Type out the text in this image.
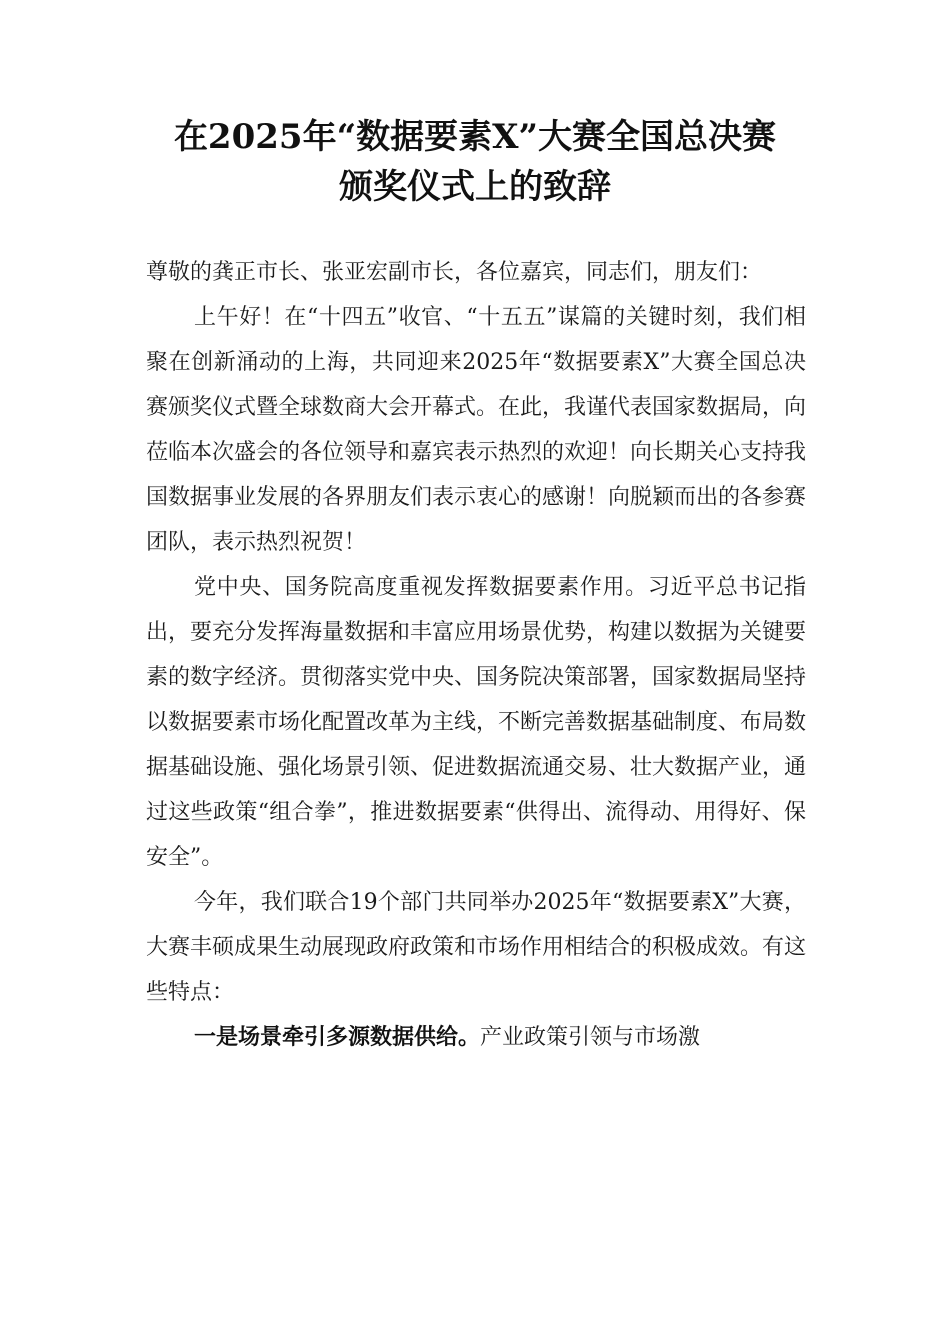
在2025年“数据要素X”大赛全国总决赛
颁奖仪式上的致辞

尊敬的龚正市长、张亚宏副市长，各位嘉宾，同志们，朋友们：

上午好！在“十四五”收官、“十五五”谋篇的关键时刻，我们相聚在创新涌动的上海，共同迎来2025年“数据要素X”大赛全国总决赛颁奖仪式暨全球数商大会开幕式。在此，我谨代表国家数据局，向莅临本次盛会的各位领导和嘉宾表示热烈的欢迎！向长期关心支持我国数据事业发展的各界朋友们表示衷心的感谢！向脱颖而出的各参赛团队，表示热烈祝贺！

党中央、国务院高度重视发挥数据要素作用。习近平总书记指出，要充分发挥海量数据和丰富应用场景优势，构建以数据为关键要素的数字经济。贯彻落实党中央、国务院决策部署，国家数据局坚持以数据要素市场化配置改革为主线，不断完善数据基础制度、布局数据基础设施、强化场景引领、促进数据流通交易、壮大数据产业，通过这些政策“组合拳”，推进数据要素“供得出、流得动、用得好、保安全”。

今年，我们联合19个部门共同举办2025年“数据要素X”大赛，大赛丰硕成果生动展现政府政策和市场作用相结合的积极成效。有这些特点：

一是场景牵引多源数据供给。产业政策引领与市场激
